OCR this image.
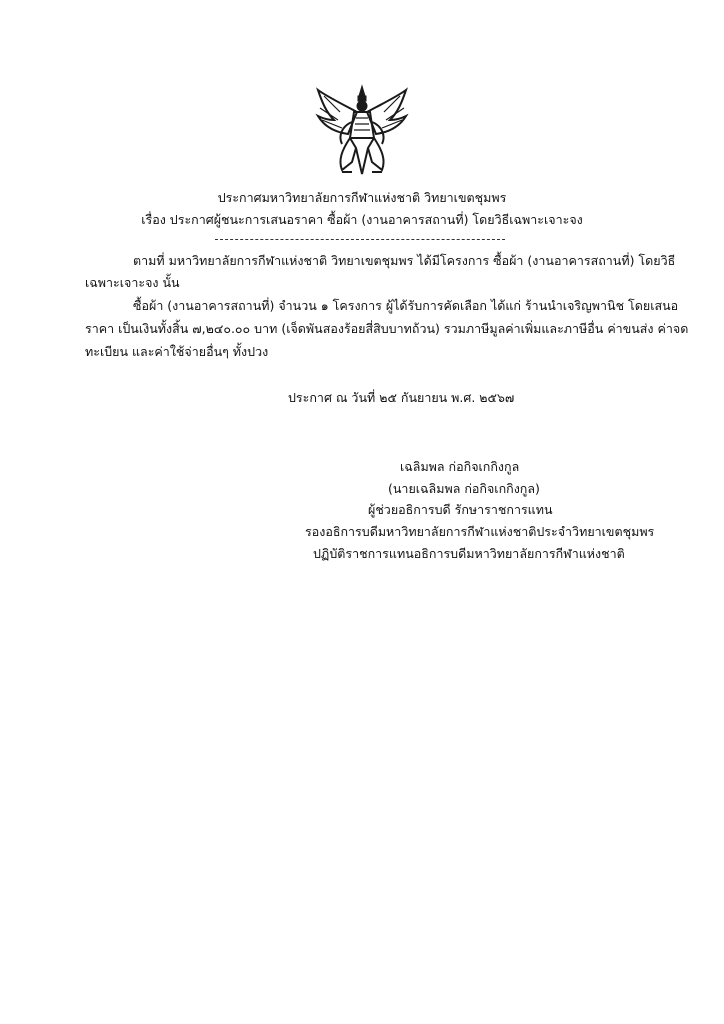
ประกาศมหาวิทยาลัยการกีฬาแห่งชาติ วิทยาเขตชุมพร
เรื่อง ประกาศผู้ชนะการเสนอราคา ซื้อผ้า (งานอาคารสถานที่) โดยวิธีเฉพาะเจาะจง
ตามที่ มหาวิทยาลัยการกีฬาแห่งชาติ วิทยาเขตชุมพร ได้มีโครงการ ซื้อผ้า (งานอาคารสถานที่) โดยวิธี
เฉพาะเจาะจง นั้น
ซื้อผ้า (งานอาคารสถานที่) จำนวน ๑ โครงการ ผู้ได้รับการคัดเลือก ได้แก่ ร้านนำเจริญพานิช โดยเสนอ
ราคา เป็นเงินทั้งสิ้น ๗,๒๔๐.๐๐ บาท (เจ็ดพันสองร้อยสี่สิบบาทถ้วน) รวมภาษีมูลค่าเพิ่มและภาษีอื่น ค่าขนส่ง ค่าจด
ทะเบียน และค่าใช้จ่ายอื่นๆ ทั้งปวง
ประกาศ ณ วันที่ ๒๕ กันยายน พ.ศ. ๒๕๖๗
เฉลิมพล ก่อกิจเกกิงกูล
(นายเฉลิมพล ก่อกิจเกกิงกูล)
ผู้ช่วยอธิการบดี รักษาราชการแทน
รองอธิการบดีมหาวิทยาลัยการกีฬาแห่งชาติประจำวิทยาเขตชุมพร
ปฏิบัติราชการแทนอธิการบดีมหาวิทยาลัยการกีฬาแห่งชาติ
